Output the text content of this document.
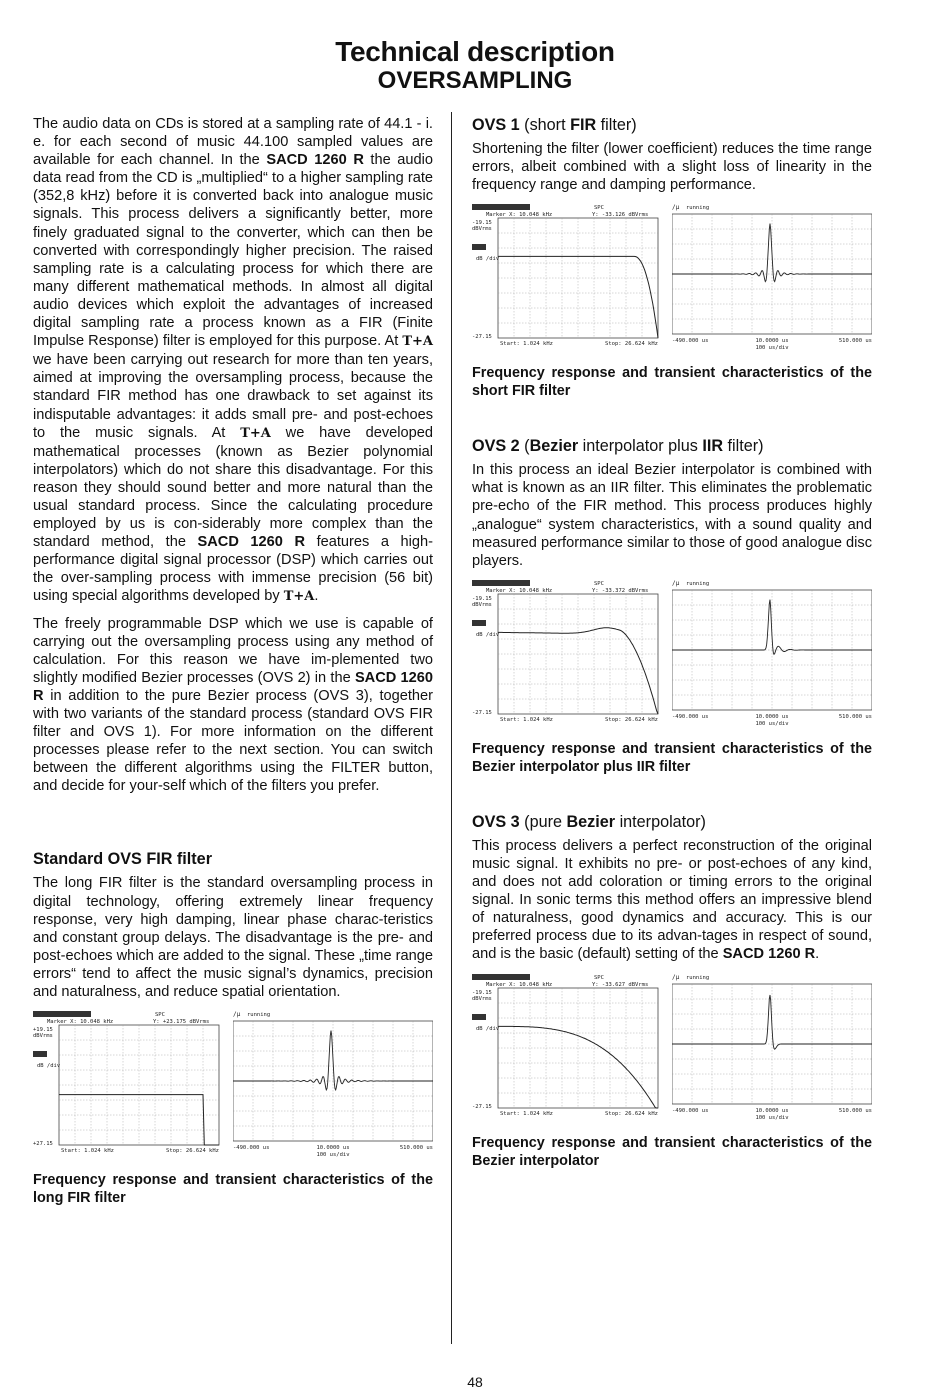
Technical description
OVERSAMPLING

The audio data on CDs is stored at a sampling rate of 44.1 - i. e. for each second of music 44.100 sampled values are available for each channel. In the SACD 1260 R the audio data read from the CD is „multiplied“ to a higher sampling rate (352,8 kHz) before it is converted back into analogue music signals. This process delivers a significantly better, more finely graduated signal to the converter, which can then be converted with correspondingly higher precision. The raised sampling rate is a calculating process for which there are many different mathematical methods. In almost all digital audio devices which exploit the advantages of increased digital sampling rate a process known as a FIR (Finite Impulse Response) filter is employed for this purpose. At T+A we have been carrying out research for more than ten years, aimed at improving the oversampling process, because the standard FIR method has one drawback to set against its indisputable advantages: it adds small pre- and post-echoes to the music signals. At T+A we have developed mathematical processes (known as Bezier polynomial interpolators) which do not share this disadvantage. For this reason they should sound better and more natural than the usual standard process. Since the calculating procedure employed by us is con-siderably more complex than the standard method, the SACD 1260 R features a high-performance digital signal processor (DSP) which carries out the over-sampling process with immense precision (56 bit) using special algorithms developed by T+A.

The freely programmable DSP which we use is capable of carrying out the oversampling process using any method of calculation. For this reason we have im-plemented two slightly modified Bezier processes (OVS 2) in the SACD 1260 R in addition to the pure Bezier process (OVS 3), together with two variants of the standard process (standard OVS FIR filter and OVS 1). For more information on the different processes please refer to the next section. You can switch between the different algorithms using the FILTER button, and decide for your-self which of the filters you prefer.

Standard OVS FIR filter

The long FIR filter is the standard oversampling process in digital technology, offering extremely linear frequency response, very high damping, linear phase charac-teristics and constant group delays. The disadvantage is the pre- and post-echoes which are added to the signal. These „time range errors“ tend to affect the music signal’s dynamics, precision and naturalness, and reduce spatial orientation.

SPC
Marker X: 10.048 kHz	Y: +23.175 dBVrms
+19.15
dBVrms
dB /div
+27.15
Start: 1.024 kHz	Stop: 26.624 kHz
/μ running
-490.000 us	10.0000 us	510.000 us
100 us/div

Frequency response and transient characteristics of the long FIR filter

OVS 1 (short FIR filter)

Shortening the filter (lower coefficient) reduces the time range errors, albeit combined with a slight loss of linearity in the frequency range and damping performance.

SPC
Marker X: 10.048 kHz	Y: -33.126 dBVrms
-19.15
dBVrms
dB /div
-27.15
Start: 1.024 kHz	Stop: 26.624 kHz
/μ running
-490.000 us	10.0000 us	510.000 us
100 us/div

Frequency response and transient characteristics of the short FIR filter

OVS 2 (Bezier interpolator plus IIR filter)

In this process an ideal Bezier interpolator is combined with what is known as an IIR filter. This eliminates the problematic pre-echo of the FIR method. This process produces highly „analogue“ system characteristics, with a sound quality and measured performance similar to those of good analogue disc players.

SPC
Marker X: 10.048 kHz	Y: -33.372 dBVrms
-19.15
dBVrms
dB /div
-27.15
Start: 1.024 kHz	Stop: 26.624 kHz
/μ running
-490.000 us	10.0000 us	510.000 us
100 us/div

Frequency response and transient characteristics of the Bezier interpolator plus IIR filter

OVS 3 (pure Bezier interpolator)

This process delivers a perfect reconstruction of the original music signal. It exhibits no pre- or post-echoes of any kind, and does not add coloration or timing errors to the original signal. In sonic terms this method offers an impressive blend of naturalness, good dynamics and accuracy. This is our preferred process due to its advan-tages in respect of sound, and is the basic (default) setting of the SACD 1260 R.

SPC
Marker X: 10.048 kHz	Y: -33.627 dBVrms
-19.15
dBVrms
dB /div
-27.15
Start: 1.024 kHz	Stop: 26.624 kHz
/μ running
-490.000 us	10.0000 us	510.000 us
100 us/div

Frequency response and transient characteristics of the Bezier interpolator

48
